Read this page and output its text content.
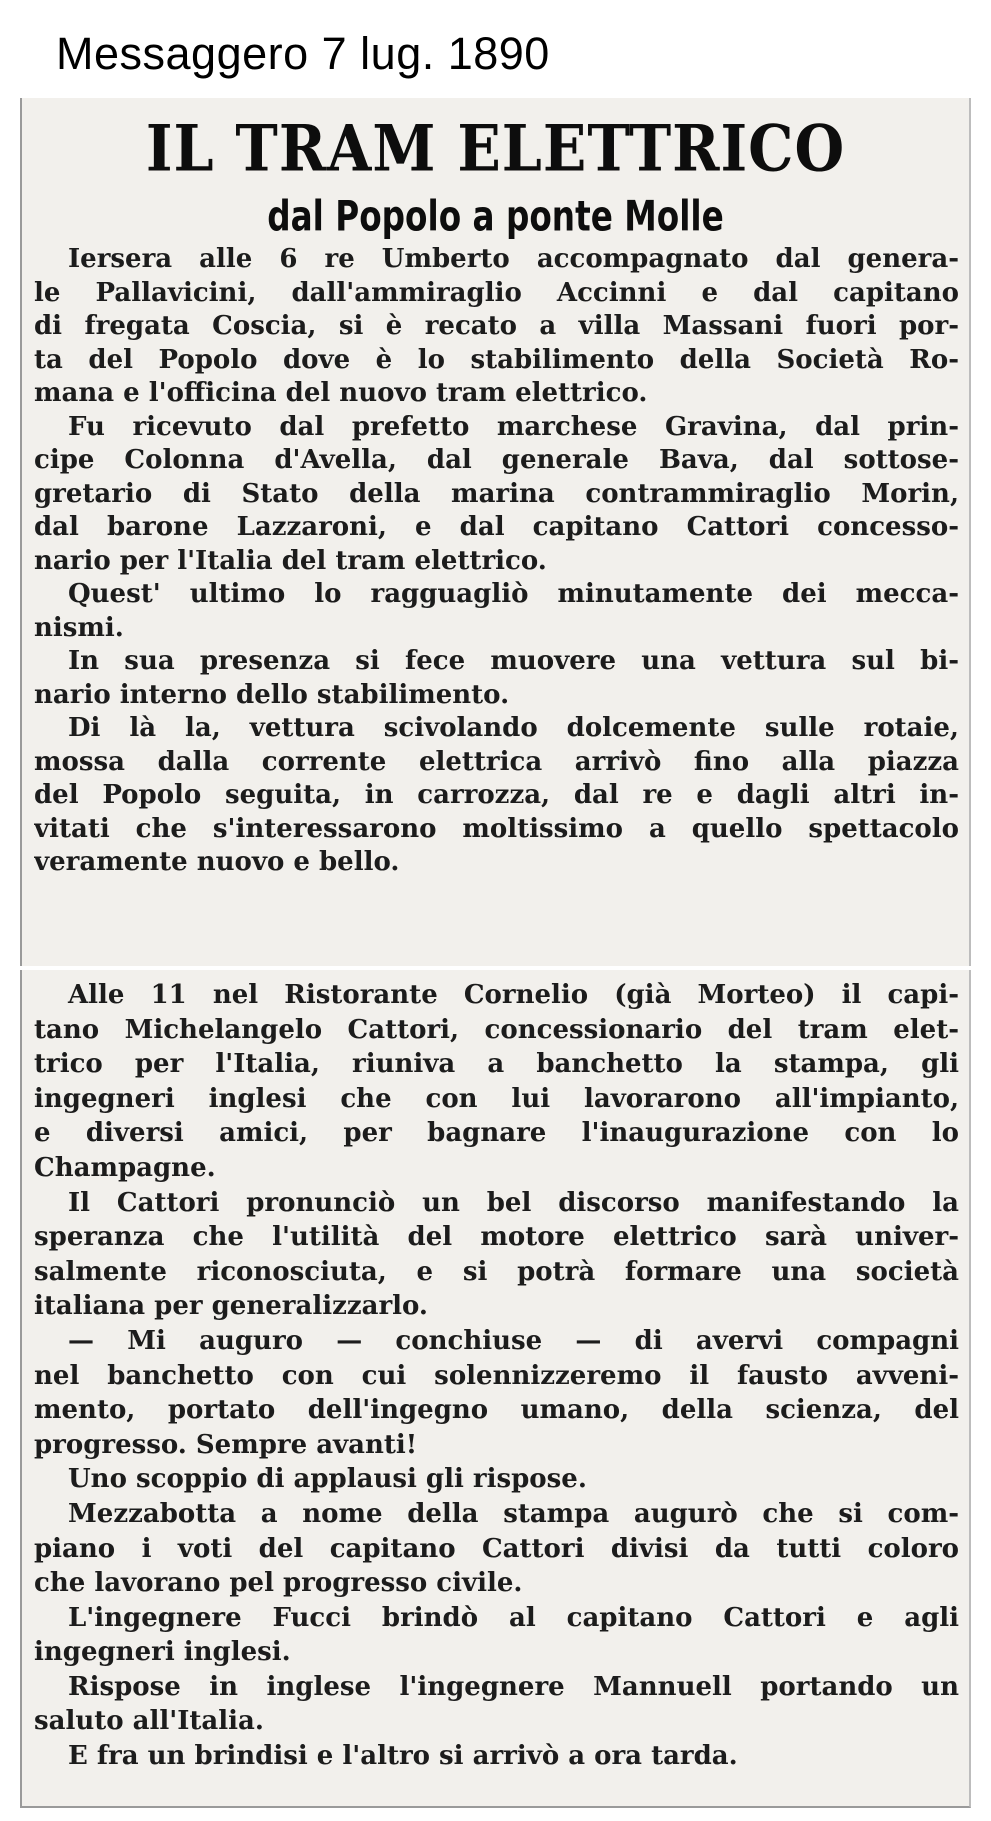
Messaggero 7 lug. 1890
IL TRAM ELETTRICO
dal Popolo a ponte Molle
Iersera alle 6 re Umberto accompagnato dal genera-
le Pallavicini, dall'ammiraglio Accinni e dal capitano
di fregata Coscia, si è recato a villa Massani fuori por-
ta del Popolo dove è lo stabilimento della Società Ro-
mana e l'officina del nuovo tram elettrico.
Fu ricevuto dal prefetto marchese Gravina, dal prin-
cipe Colonna d'Avella, dal generale Bava, dal sottose-
gretario di Stato della marina contrammiraglio Morin,
dal barone Lazzaroni, e dal capitano Cattori concesso-
nario per l'Italia del tram elettrico.
Quest' ultimo lo ragguagliò minutamente dei mecca-
nismi.
In sua presenza si fece muovere una vettura sul bi-
nario interno dello stabilimento.
Di là la, vettura scivolando dolcemente sulle rotaie,
mossa dalla corrente elettrica arrivò fino alla piazza
del Popolo seguita, in carrozza, dal re e dagli altri in-
vitati che s'interessarono moltissimo a quello spettacolo
veramente nuovo e bello.
Alle 11 nel Ristorante Cornelio (già Morteo) il capi-
tano Michelangelo Cattori, concessionario del tram elet-
trico per l'Italia, riuniva a banchetto la stampa, gli
ingegneri inglesi che con lui lavorarono all'impianto,
e diversi amici, per bagnare l'inaugurazione con lo
Champagne.
Il Cattori pronunciò un bel discorso manifestando la
speranza che l'utilità del motore elettrico sarà univer-
salmente riconosciuta, e si potrà formare una società
italiana per generalizzarlo.
— Mi auguro — conchiuse — di avervi compagni
nel banchetto con cui solennizzeremo il fausto avveni-
mento, portato dell'ingegno umano, della scienza, del
progresso. Sempre avanti!
Uno scoppio di applausi gli rispose.
Mezzabotta a nome della stampa augurò che si com-
piano i voti del capitano Cattori divisi da tutti coloro
che lavorano pel progresso civile.
L'ingegnere Fucci brindò al capitano Cattori e agli
ingegneri inglesi.
Rispose in inglese l'ingegnere Mannuell portando un
saluto all'Italia.
E fra un brindisi e l'altro si arrivò a ora tarda.
